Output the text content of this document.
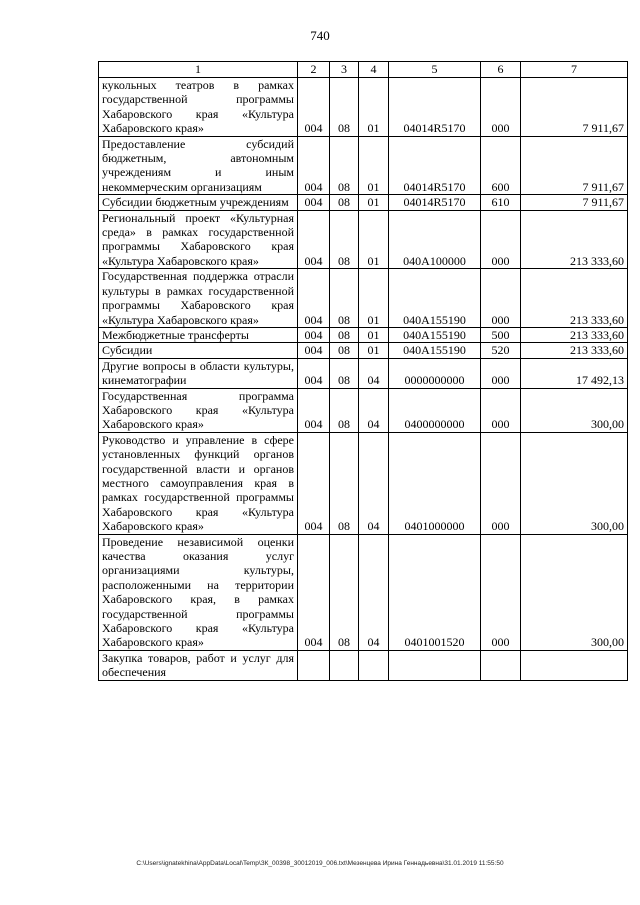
740
1	2	3	4	5	6	7
кукольных театров в рамках государственной программы Хабаровского края «Культура Хабаровского края»	004	08	01	04014R5170	000	7 911,67
Предоставление субсидий бюджетным, автономным учреждениям и иным некоммерческим организациям	004	08	01	04014R5170	600	7 911,67
Субсидии бюджетным учреждениям	004	08	01	04014R5170	610	7 911,67
Региональный проект «Культурная среда» в рамках государственной программы Хабаровского края «Культура Хабаровского края»	004	08	01	040A100000	000	213 333,60
Государственная поддержка отрасли культуры в рамках государственной программы Хабаровского края «Культура Хабаровского края»	004	08	01	040A155190	000	213 333,60
Межбюджетные трансферты	004	08	01	040A155190	500	213 333,60
Субсидии	004	08	01	040A155190	520	213 333,60
Другие вопросы в области культуры, кинематографии	004	08	04	0000000000	000	17 492,13
Государственная программа Хабаровского края «Культура Хабаровского края»	004	08	04	0400000000	000	300,00
Руководство и управление в сфере установленных функций органов государственной власти и органов местного самоуправления края в рамках государственной программы Хабаровского края «Культура Хабаровского края»	004	08	04	0401000000	000	300,00
Проведение независимой оценки качества оказания услуг организациями культуры, расположенными на территории Хабаровского края, в рамках государственной программы Хабаровского края «Культура Хабаровского края»	004	08	04	0401001520	000	300,00
Закупка товаров, работ и услуг для обеспечения						
C:\Users\ignatekhina\AppData\Local\Temp\ЗК_00398_30012019_006.txt\Мезенцева Ирина Геннадьевна\31.01.2019 11:55:50
